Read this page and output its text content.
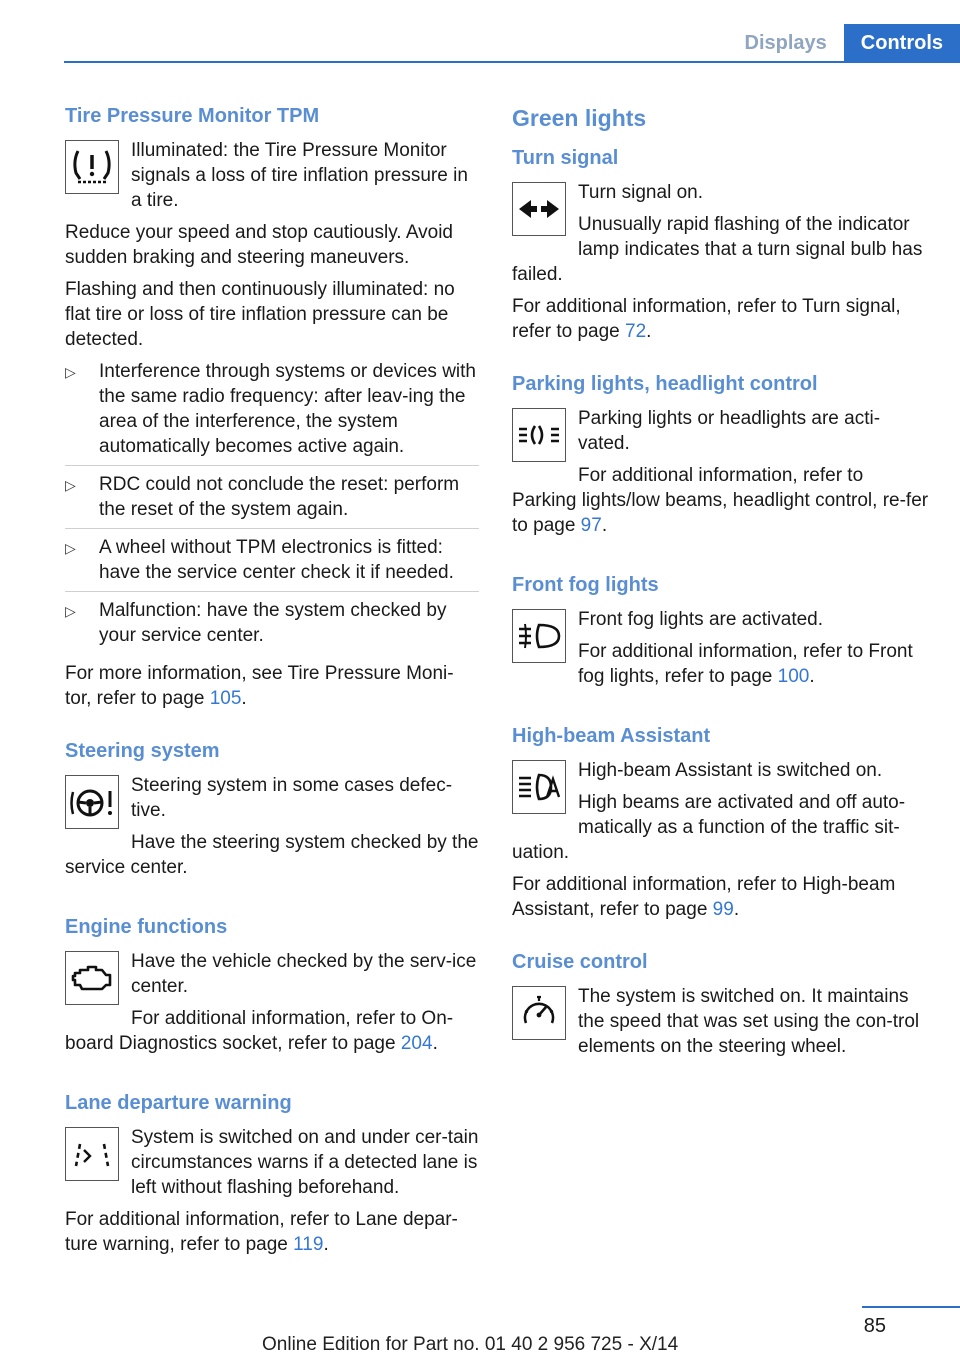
Displays	Controls
Tire Pressure Monitor TPM

Illuminated: the Tire Pressure Monitor signals a loss of tire inflation pressure in a tire.

Reduce your speed and stop cautiously. Avoid sudden braking and steering maneuvers.

Flashing and then continuously illuminated: no flat tire or loss of tire inflation pressure can be detected.

▷ Interference through systems or devices with the same radio frequency: after leav-ing the area of the interference, the system automatically becomes active again.
▷ RDC could not conclude the reset: perform the reset of the system again.
▷ A wheel without TPM electronics is fitted: have the service center check it if needed.
▷ Malfunction: have the system checked by your service center.

For more information, see Tire Pressure Moni-tor, refer to page 105.

Steering system

Steering system in some cases defec-tive.

Have the steering system checked by the service center.

Engine functions

Have the vehicle checked by the serv-ice center.

For additional information, refer to On-board Diagnostics socket, refer to page 204.

Lane departure warning

System is switched on and under cer-tain circumstances warns if a detected lane is left without flashing beforehand.

For additional information, refer to Lane depar-ture warning, refer to page 119.

Green lights
Turn signal

Turn signal on.

Unusually rapid flashing of the indicator lamp indicates that a turn signal bulb has failed.

For additional information, refer to Turn signal, refer to page 72.

Parking lights, headlight control

Parking lights or headlights are acti-vated.

For additional information, refer to Parking lights/low beams, headlight control, re-fer to page 97.

Front fog lights

Front fog lights are activated.

For additional information, refer to Front fog lights, refer to page 100.

High-beam Assistant

High-beam Assistant is switched on.

High beams are activated and off auto-matically as a function of the traffic sit-uation.

For additional information, refer to High-beam Assistant, refer to page 99.

Cruise control

The system is switched on. It maintains the speed that was set using the con-trol elements on the steering wheel.

85
Online Edition for Part no. 01 40 2 956 725 - X/14
